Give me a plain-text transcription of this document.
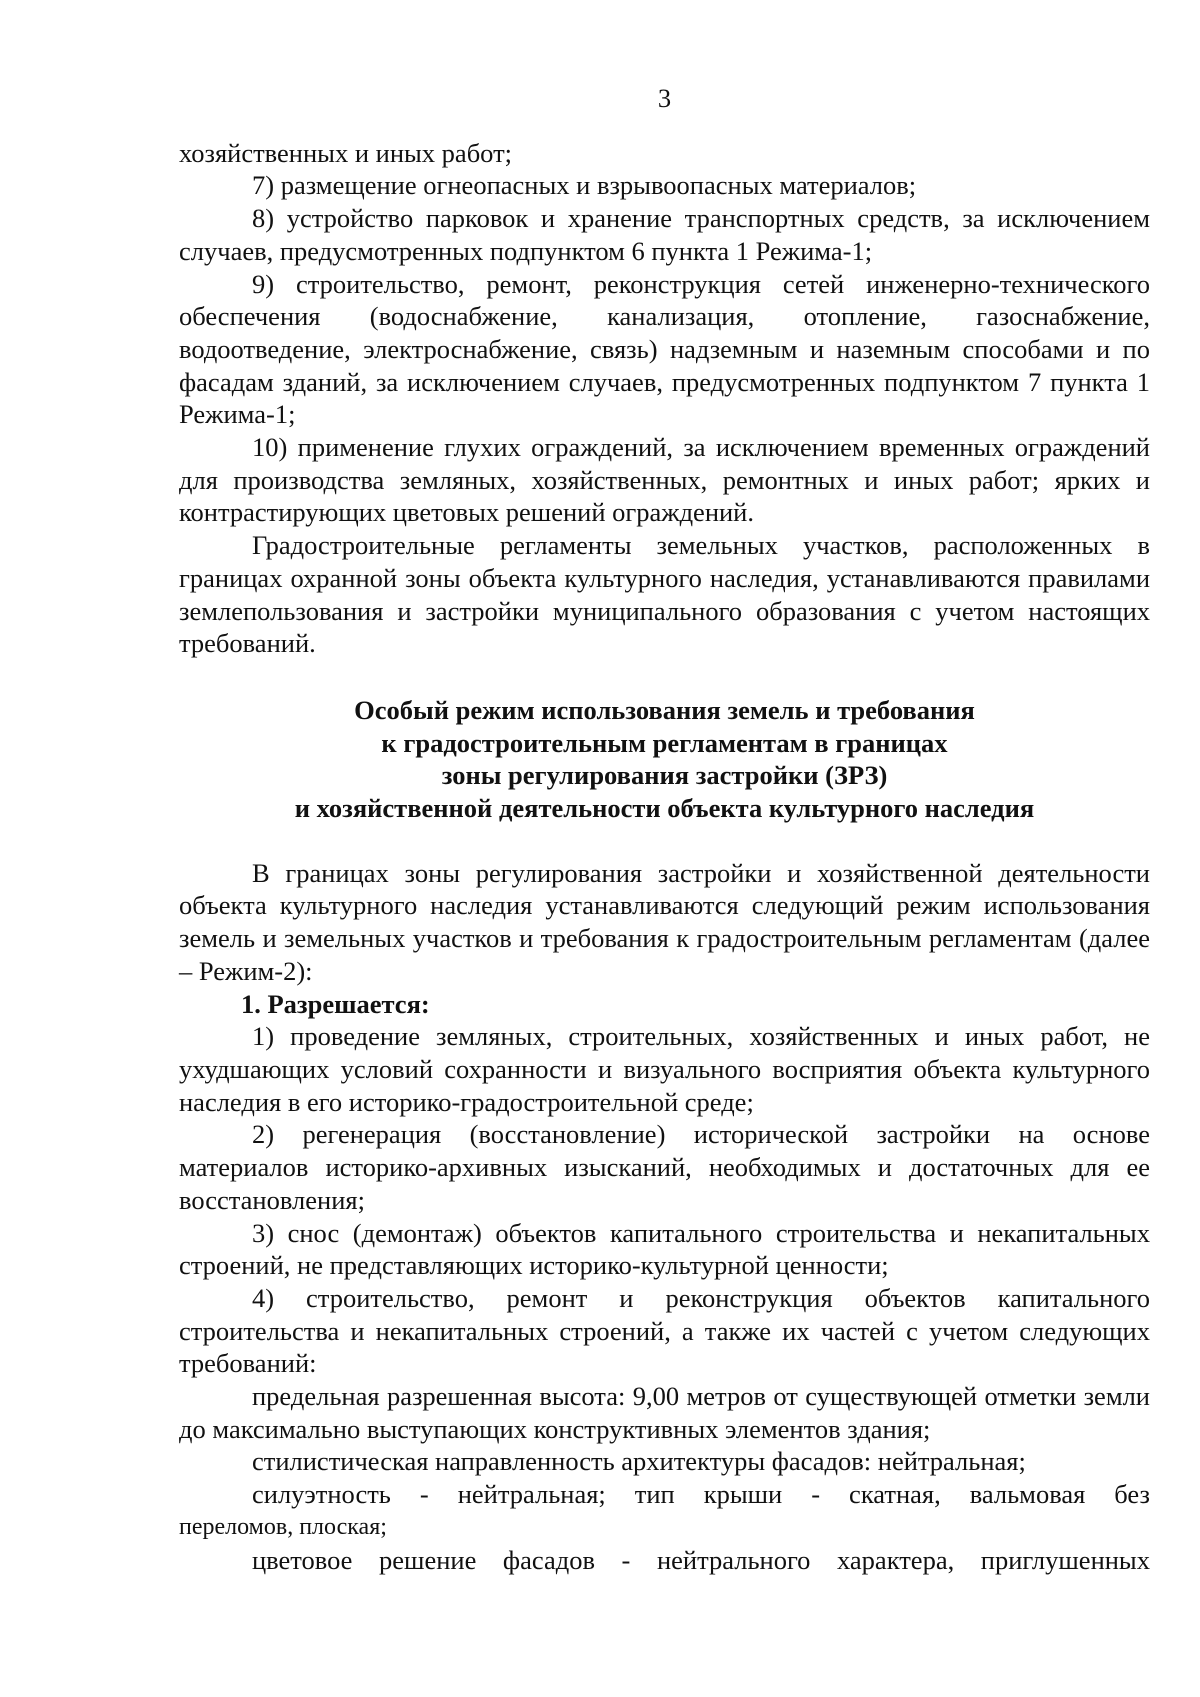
3

хозяйственных и иных работ;

7) размещение огнеопасных и взрывоопасных материалов;

8) устройство парковок и хранение транспортных средств, за исключением случаев, предусмотренных подпунктом 6 пункта 1 Режима-1;

9) строительство, ремонт, реконструкция сетей инженерно-технического обеспечения (водоснабжение, канализация, отопление, газоснабжение, водоотведение, электроснабжение, связь) надземным и наземным способами и по фасадам зданий, за исключением случаев, предусмотренных подпунктом 7 пункта 1 Режима-1;

10) применение глухих ограждений, за исключением временных ограждений для производства земляных, хозяйственных, ремонтных и иных работ; ярких и контрастирующих цветовых решений ограждений.

Градостроительные регламенты земельных участков, расположенных в границах охранной зоны объекта культурного наследия, устанавливаются правилами землепользования и застройки муниципального образования с учетом настоящих требований.

Особый режим использования земель и требования
к градостроительным регламентам в границах
зоны регулирования застройки (ЗРЗ)
и хозяйственной деятельности объекта культурного наследия

В границах зоны регулирования застройки и хозяйственной деятельности объекта культурного наследия устанавливаются следующий режим использования земель и земельных участков и требования к градостроительным регламентам (далее – Режим-2):

1. Разрешается:

1) проведение земляных, строительных, хозяйственных и иных работ, не ухудшающих условий сохранности и визуального восприятия объекта культурного наследия в его историко-градостроительной среде;

2) регенерация (восстановление) исторической застройки на основе материалов историко-архивных изысканий, необходимых и достаточных для ее восстановления;

3) снос (демонтаж) объектов капитального строительства и некапитальных строений, не представляющих историко-культурной ценности;

4) строительство, ремонт и реконструкция объектов капитального строительства и некапитальных строений, а также их частей с учетом следующих требований:

предельная разрешенная высота: 9,00 метров от существующей отметки земли до максимально выступающих конструктивных элементов здания;

стилистическая направленность архитектуры фасадов: нейтральная;

силуэтность - нейтральная; тип крыши - скатная, вальмовая без

переломов, плоская;

цветовое решение фасадов - нейтрального характера, приглушенных
